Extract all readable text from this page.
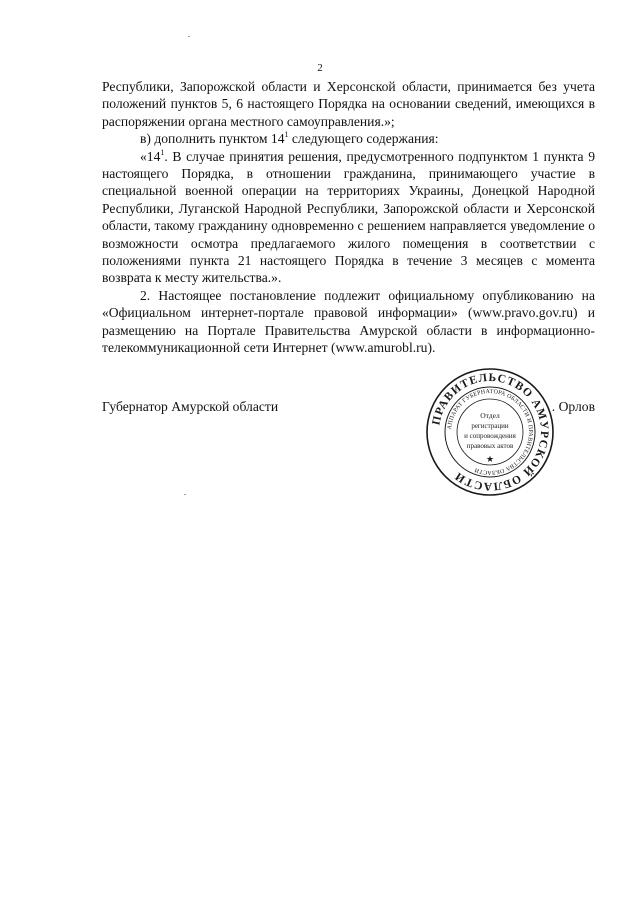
2

Республики, Запорожской области и Херсонской области, принимается без учета положений пунктов 5, 6 настоящего Порядка на основании сведений, имеющихся в распоряжении органа местного самоуправления.»;

в) дополнить пунктом $14^1$ следующего содержания:

«$14^1$. В случае принятия решения, предусмотренного подпунктом 1 пункта 9 настоящего Порядка, в отношении гражданина, принимающего участие в специальной военной операции на территориях Украины, Донецкой Народной Республики, Луганской Народной Республики, Запорожской области и Херсонской области, такому гражданину одновременно с решением направляется уведомление о возможности осмотра предлагаемого жилого помещения в соответствии с положениями пункта 21 настоящего Порядка в течение 3 месяцев с момента возврата к месту жительства.».

2. Настоящее постановление подлежит официальному опубликованию на «Официальном интернет-портале правовой информации» (www.pravo.gov.ru) и размещению на Портале Правительства Амурской области в информационно-телекоммуникационной сети Интернет (www.amurobl.ru).

Губернатор Амурской области	. Орлов
ПРАВИТЕЛЬСТВО АМУРСКОЙ ОБЛАСТИ
АППАРАТ ГУБЕРНАТОРА ОБЛАСТИ И ПРАВИТЕЛЬСТВА ОБЛАСТИ
Отдел
регистрации
и сопровождения
правовых актов
★
